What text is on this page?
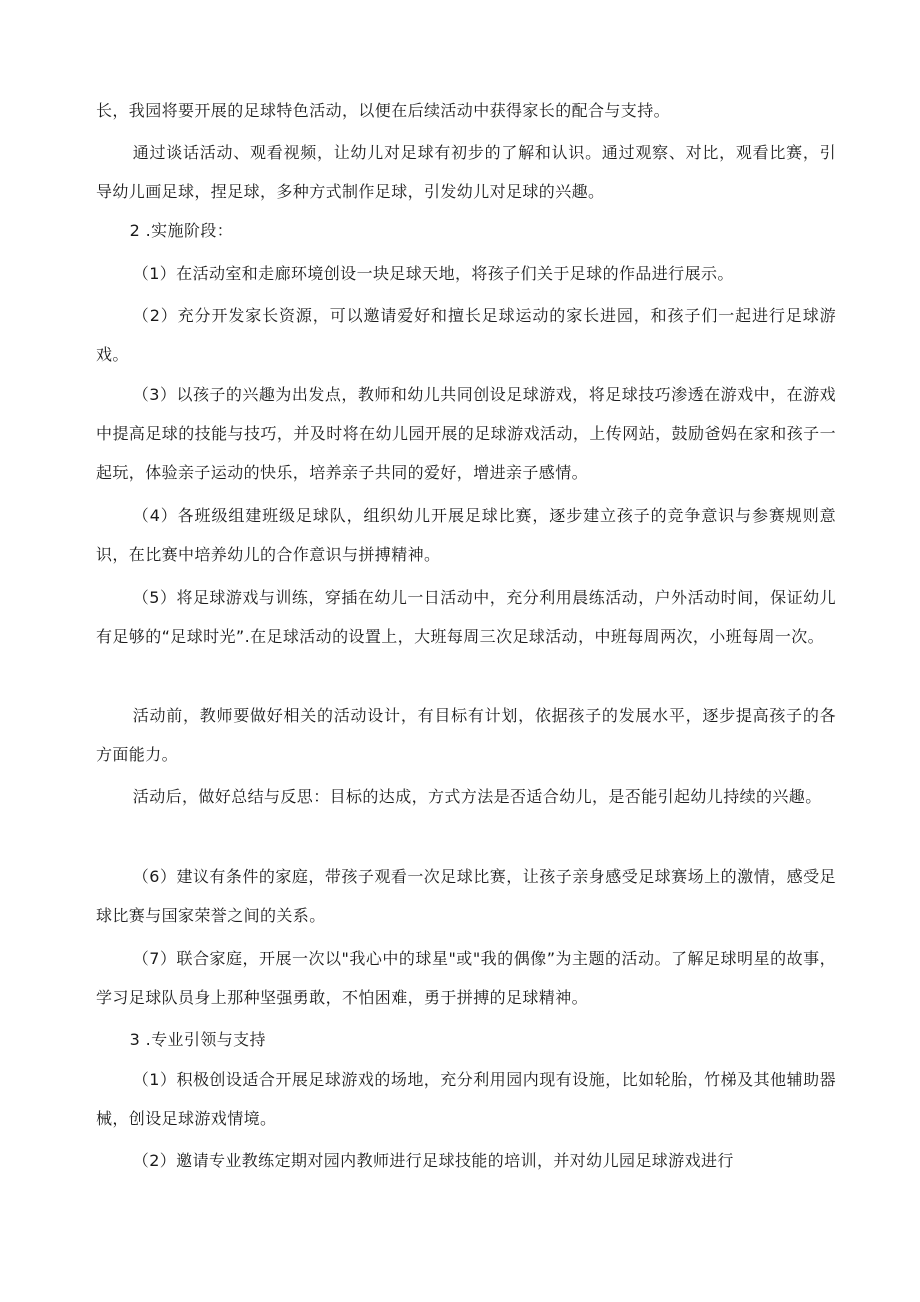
长，我园将要开展的足球特色活动，以便在后续活动中获得家长的配合与支持。

通过谈话活动、观看视频，让幼儿对足球有初步的了解和认识。通过观察、对比，观看比赛，引导幼儿画足球，捏足球，多种方式制作足球，引发幼儿对足球的兴趣。

2 .实施阶段：

（1）在活动室和走廊环境创设一块足球天地，将孩子们关于足球的作品进行展示。

（2）充分开发家长资源，可以邀请爱好和擅长足球运动的家长进园，和孩子们一起进行足球游戏。

（3）以孩子的兴趣为出发点，教师和幼儿共同创设足球游戏，将足球技巧渗透在游戏中，在游戏中提高足球的技能与技巧，并及时将在幼儿园开展的足球游戏活动，上传网站，鼓励爸妈在家和孩子一起玩，体验亲子运动的快乐，培养亲子共同的爱好，增进亲子感情。

（4）各班级组建班级足球队，组织幼儿开展足球比赛，逐步建立孩子的竞争意识与参赛规则意识，在比赛中培养幼儿的合作意识与拼搏精神。

（5）将足球游戏与训练，穿插在幼儿一日活动中，充分利用晨练活动，户外活动时间，保证幼儿有足够的“足球时光”.在足球活动的设置上，大班每周三次足球活动，中班每周两次，小班每周一次。

活动前，教师要做好相关的活动设计，有目标有计划，依据孩子的发展水平，逐步提高孩子的各方面能力。

活动后，做好总结与反思：目标的达成，方式方法是否适合幼儿，是否能引起幼儿持续的兴趣。

（6）建议有条件的家庭，带孩子观看一次足球比赛，让孩子亲身感受足球赛场上的激情，感受足球比赛与国家荣誉之间的关系。

（7）联合家庭，开展一次以"我心中的球星"或"我的偶像”为主题的活动。了解足球明星的故事，学习足球队员身上那种坚强勇敢，不怕困难，勇于拼搏的足球精神。

3 .专业引领与支持

（1）积极创设适合开展足球游戏的场地，充分利用园内现有设施，比如轮胎，竹梯及其他辅助器械，创设足球游戏情境。

（2）邀请专业教练定期对园内教师进行足球技能的培训，并对幼儿园足球游戏进行
